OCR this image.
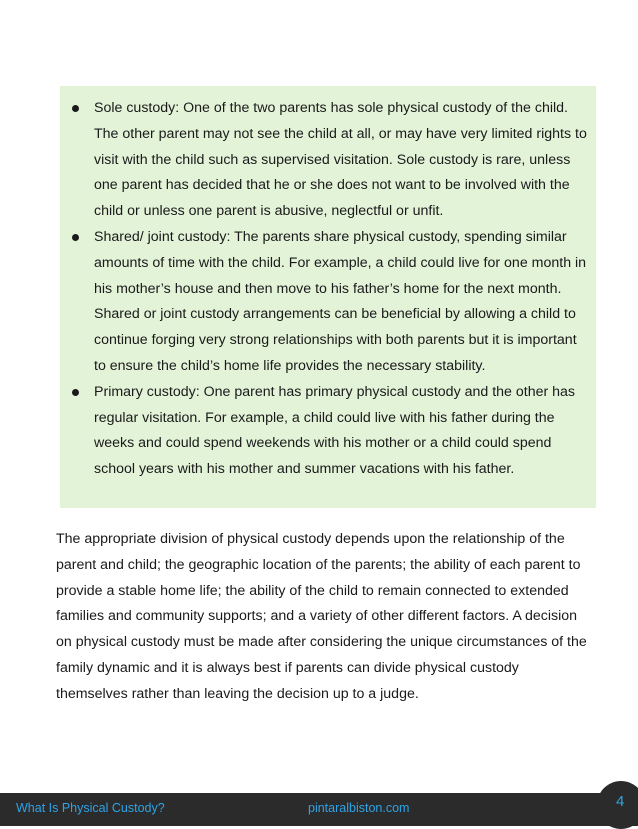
Sole custody: One of the two parents has sole physical custody of the child. The other parent may not see the child at all, or may have very limited rights to visit with the child such as supervised visitation. Sole custody is rare, unless one parent has decided that he or she does not want to be involved with the child or unless one parent is abusive, neglectful or unfit.
Shared/ joint custody: The parents share physical custody, spending similar amounts of time with the child. For example, a child could live for one month in his mother’s house and then move to his father’s home for the next month. Shared or joint custody arrangements can be beneficial by allowing a child to continue forging very strong relationships with both parents but it is important to ensure the child’s home life provides the necessary stability.
Primary custody: One parent has primary physical custody and the other has regular visitation. For example, a child could live with his father during the weeks and could spend weekends with his mother or a child could spend school years with his mother and summer vacations with his father.

The appropriate division of physical custody depends upon the relationship of the parent and child; the geographic location of the parents; the ability of each parent to provide a stable home life; the ability of the child to remain connected to extended families and community supports; and a variety of other different factors. A decision on physical custody must be made after considering the unique circumstances of the family dynamic and it is always best if parents can divide physical custody themselves rather than leaving the decision up to a judge.

What Is Physical Custody?	pintaralbiston.com	4
